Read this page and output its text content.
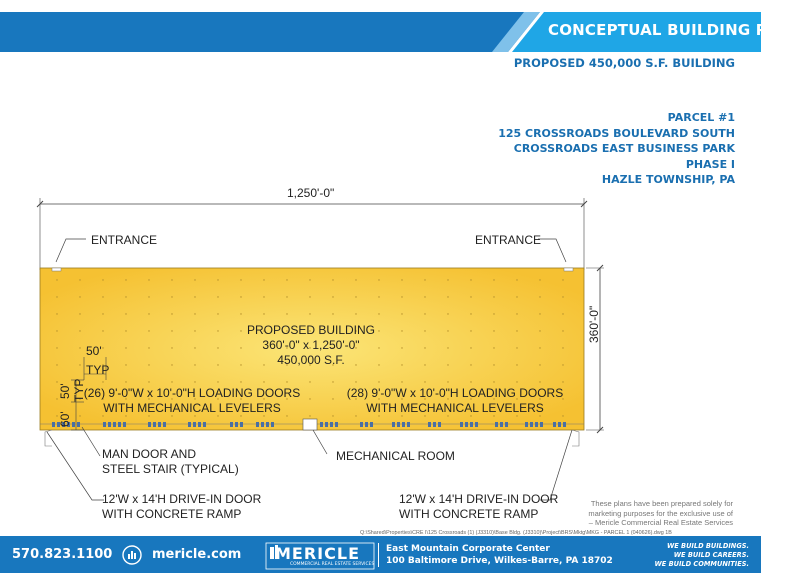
CONCEPTUAL BUILDING PLAN
PROPOSED 450,000 S.F. BUILDING
PARCEL #1
125 CROSSROADS BOULEVARD SOUTH
CROSSROADS EAST BUSINESS PARK
PHASE I
HAZLE TOWNSHIP, PA
1,250'-0"
360'-0"
ENTRANCE	ENTRANCE
PROPOSED BUILDING
360'-0" x 1,250'-0"
450,000 S.F.
50'
TYP
50' TYP
60'
(26) 9'-0"W x 10'-0"H LOADING DOORS
WITH MECHANICAL LEVELERS
(28) 9'-0"W x 10'-0"H LOADING DOORS
WITH MECHANICAL LEVELERS
MAN DOOR AND
STEEL STAIR (TYPICAL)
MECHANICAL ROOM
12'W x 14'H DRIVE-IN DOOR
WITH CONCRETE RAMP
12'W x 14'H DRIVE-IN DOOR
WITH CONCRETE RAMP
These plans have been prepared solely for
marketing purposes for the exclusive use of
– Mericle Commercial Real Estate Services
Q:\Shared\Properties\CRE I\125 Crossroads (1) (J3310)\Base Bldg. (J3310)\Project\BRS\Mktg\MKG - PARCEL 1 (040626).dwg 1B
570.823.1100	mericle.com MERICLE
COMMERCIAL REAL ESTATE SERVICES
East Mountain Corporate Center
100 Baltimore Drive, Wilkes-Barre, PA 18702
WE BUILD BUILDINGS.
WE BUILD CAREERS.
WE BUILD COMMUNITIES.
